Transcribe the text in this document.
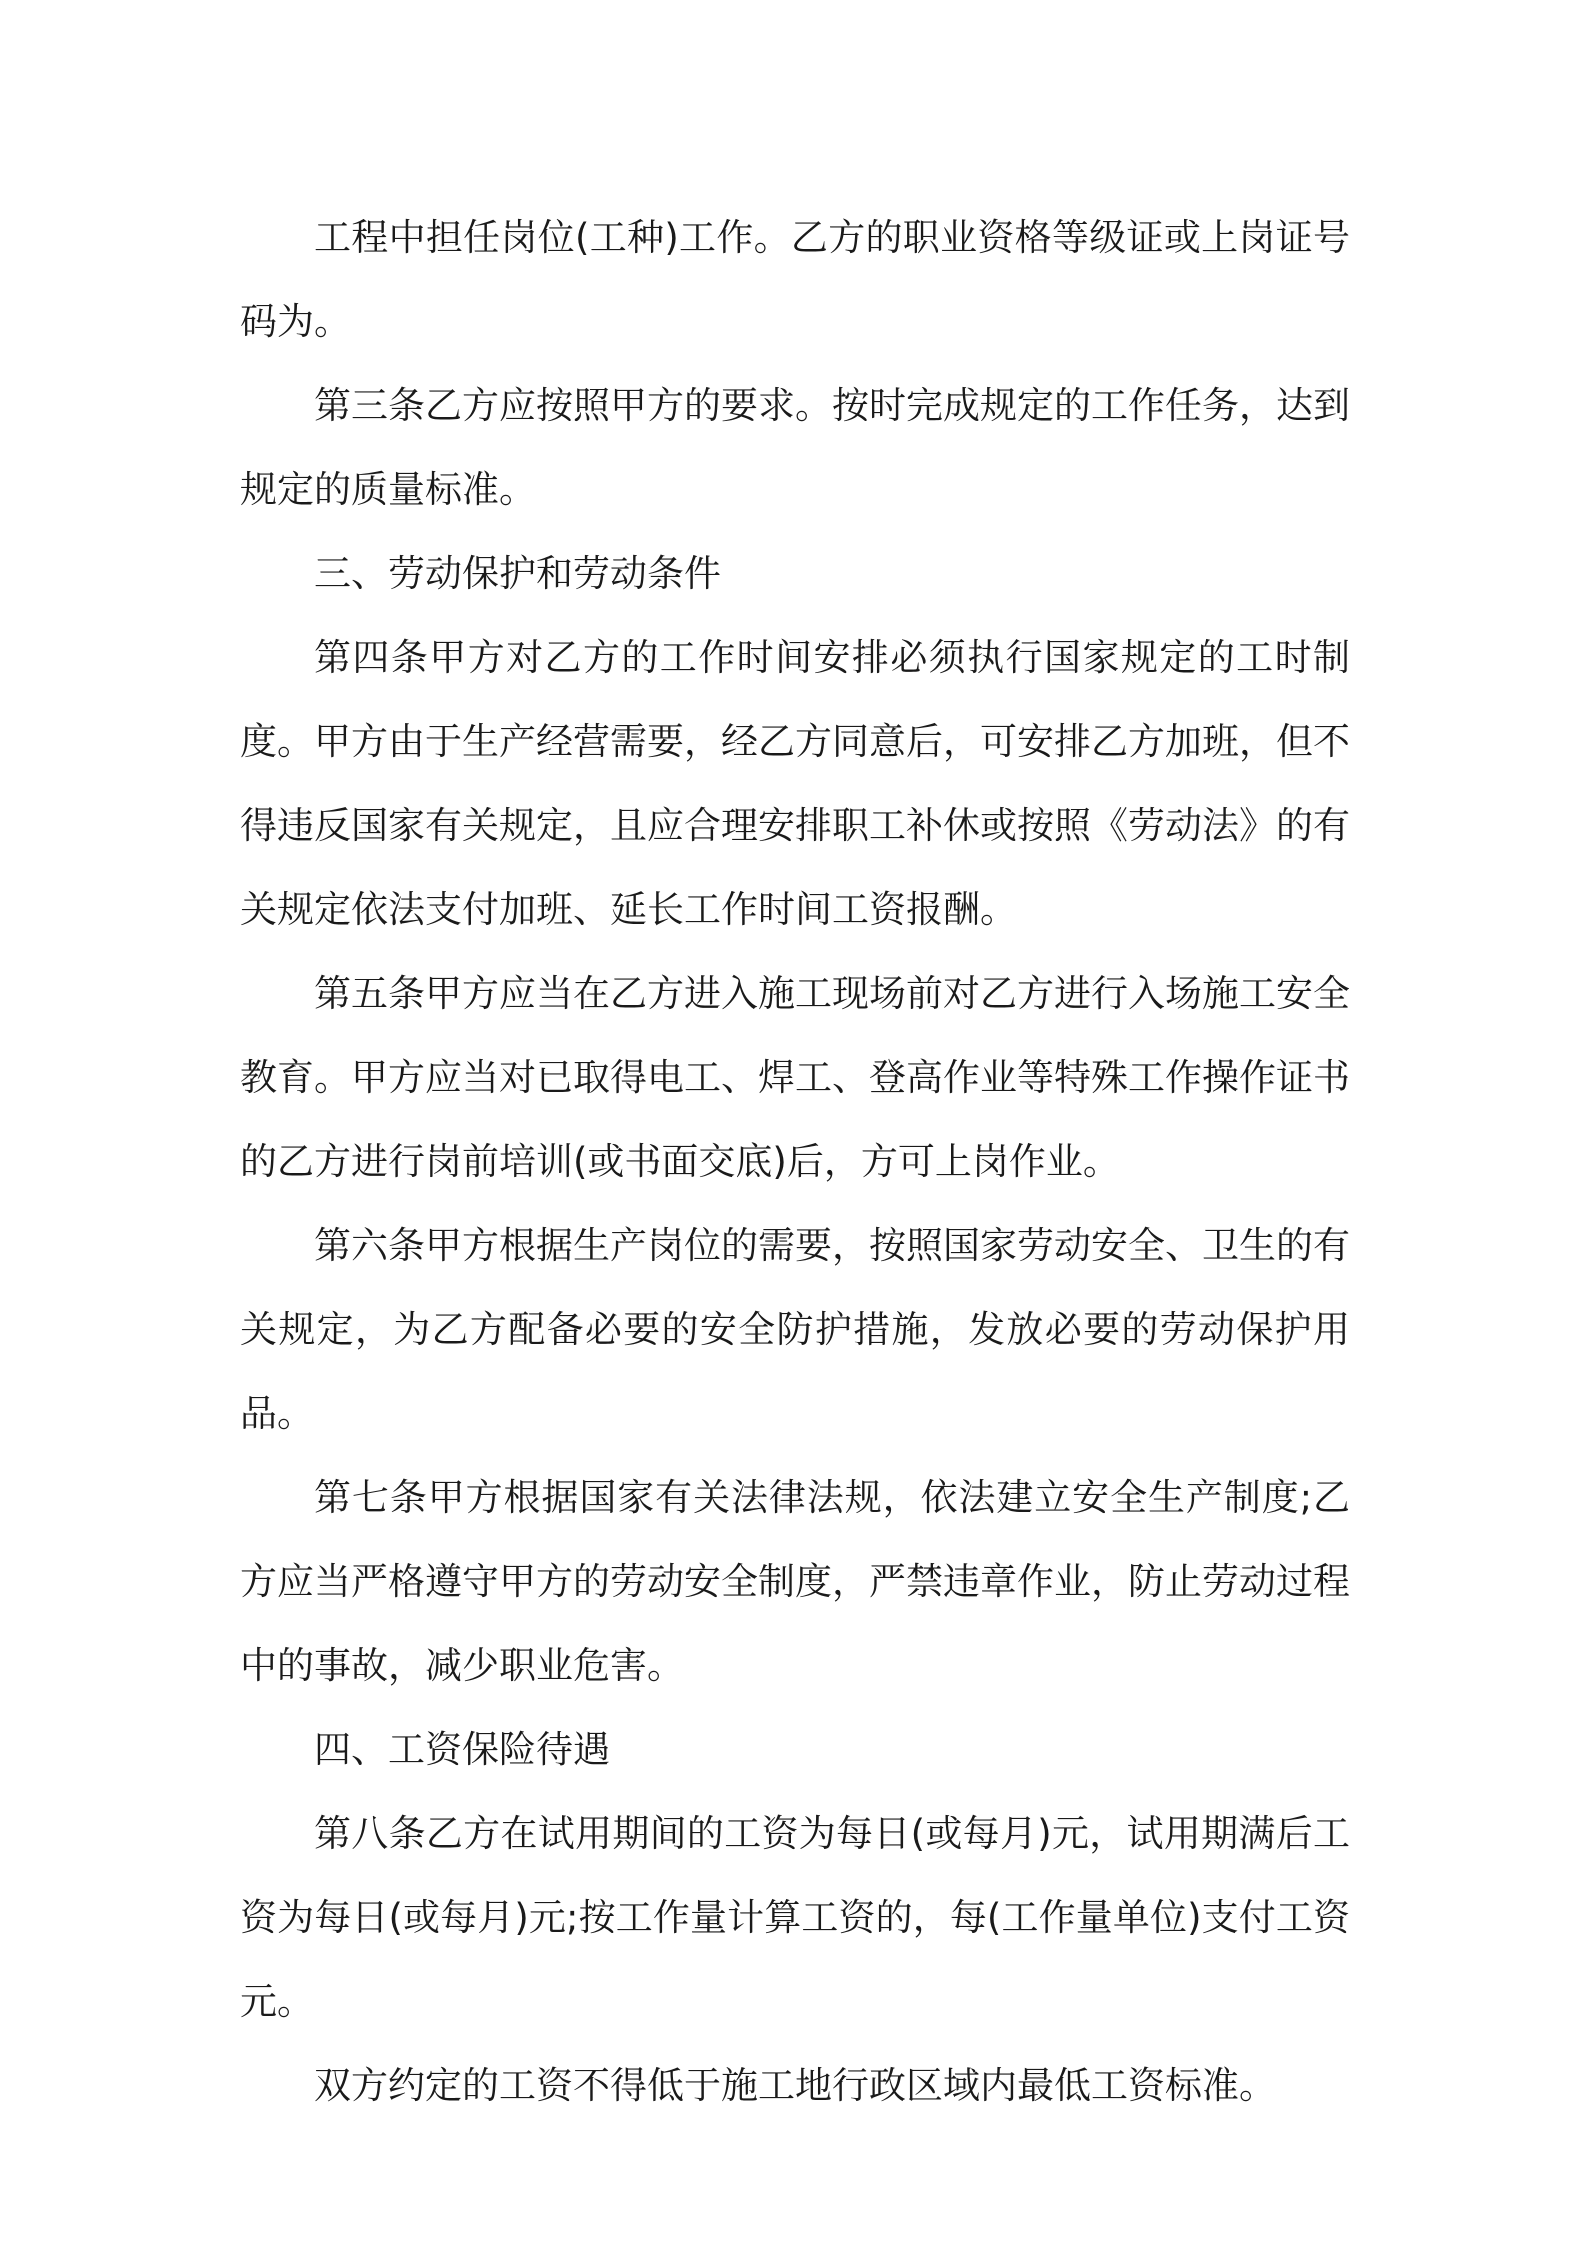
工程中担任岗位(工种)工作。乙方的职业资格等级证或上岗证号码为。

第三条乙方应按照甲方的要求。按时完成规定的工作任务，达到规定的质量标准。

三、劳动保护和劳动条件

第四条甲方对乙方的工作时间安排必须执行国家规定的工时制度。甲方由于生产经营需要，经乙方同意后，可安排乙方加班，但不得违反国家有关规定，且应合理安排职工补休或按照《劳动法》的有关规定依法支付加班、延长工作时间工资报酬。

第五条甲方应当在乙方进入施工现场前对乙方进行入场施工安全教育。甲方应当对已取得电工、焊工、登高作业等特殊工作操作证书的乙方进行岗前培训(或书面交底)后，方可上岗作业。

第六条甲方根据生产岗位的需要，按照国家劳动安全、卫生的有关规定，为乙方配备必要的安全防护措施，发放必要的劳动保护用品。

第七条甲方根据国家有关法律法规，依法建立安全生产制度;乙方应当严格遵守甲方的劳动安全制度，严禁违章作业，防止劳动过程中的事故，减少职业危害。

四、工资保险待遇

第八条乙方在试用期间的工资为每日(或每月)元，试用期满后工资为每日(或每月)元;按工作量计算工资的，每(工作量单位)支付工资元。

双方约定的工资不得低于施工地行政区域内最低工资标准。
